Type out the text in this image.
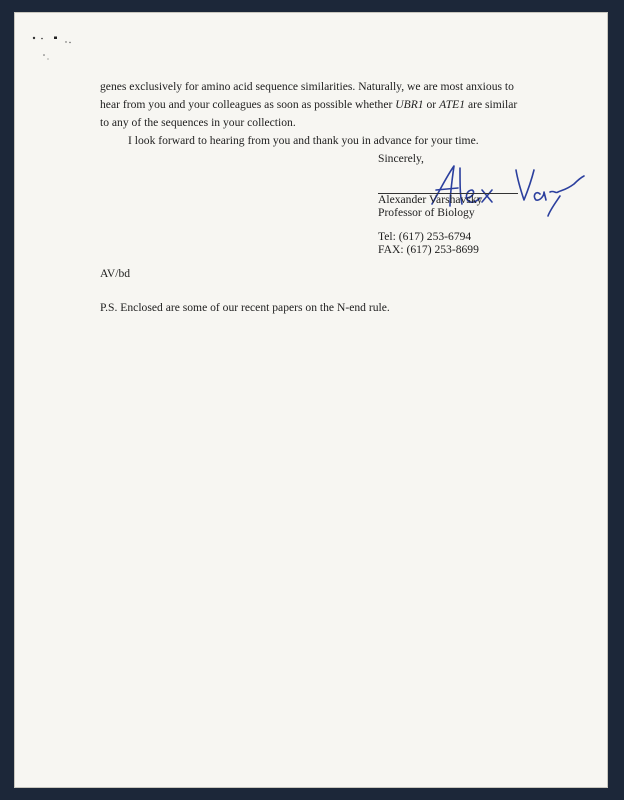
genes exclusively for amino acid sequence similarities. Naturally, we are most anxious to
hear from you and your colleagues as soon as possible whether UBR1 or ATE1 are similar
to any of the sequences in your collection.
I look forward to hearing from you and thank you in advance for your time.

Sincerely,

Alexander Varshavsky
Professor of Biology
Tel: (617) 253-6794
FAX: (617) 253-8699

AV/bd

P.S. Enclosed are some of our recent papers on the N-end rule.
